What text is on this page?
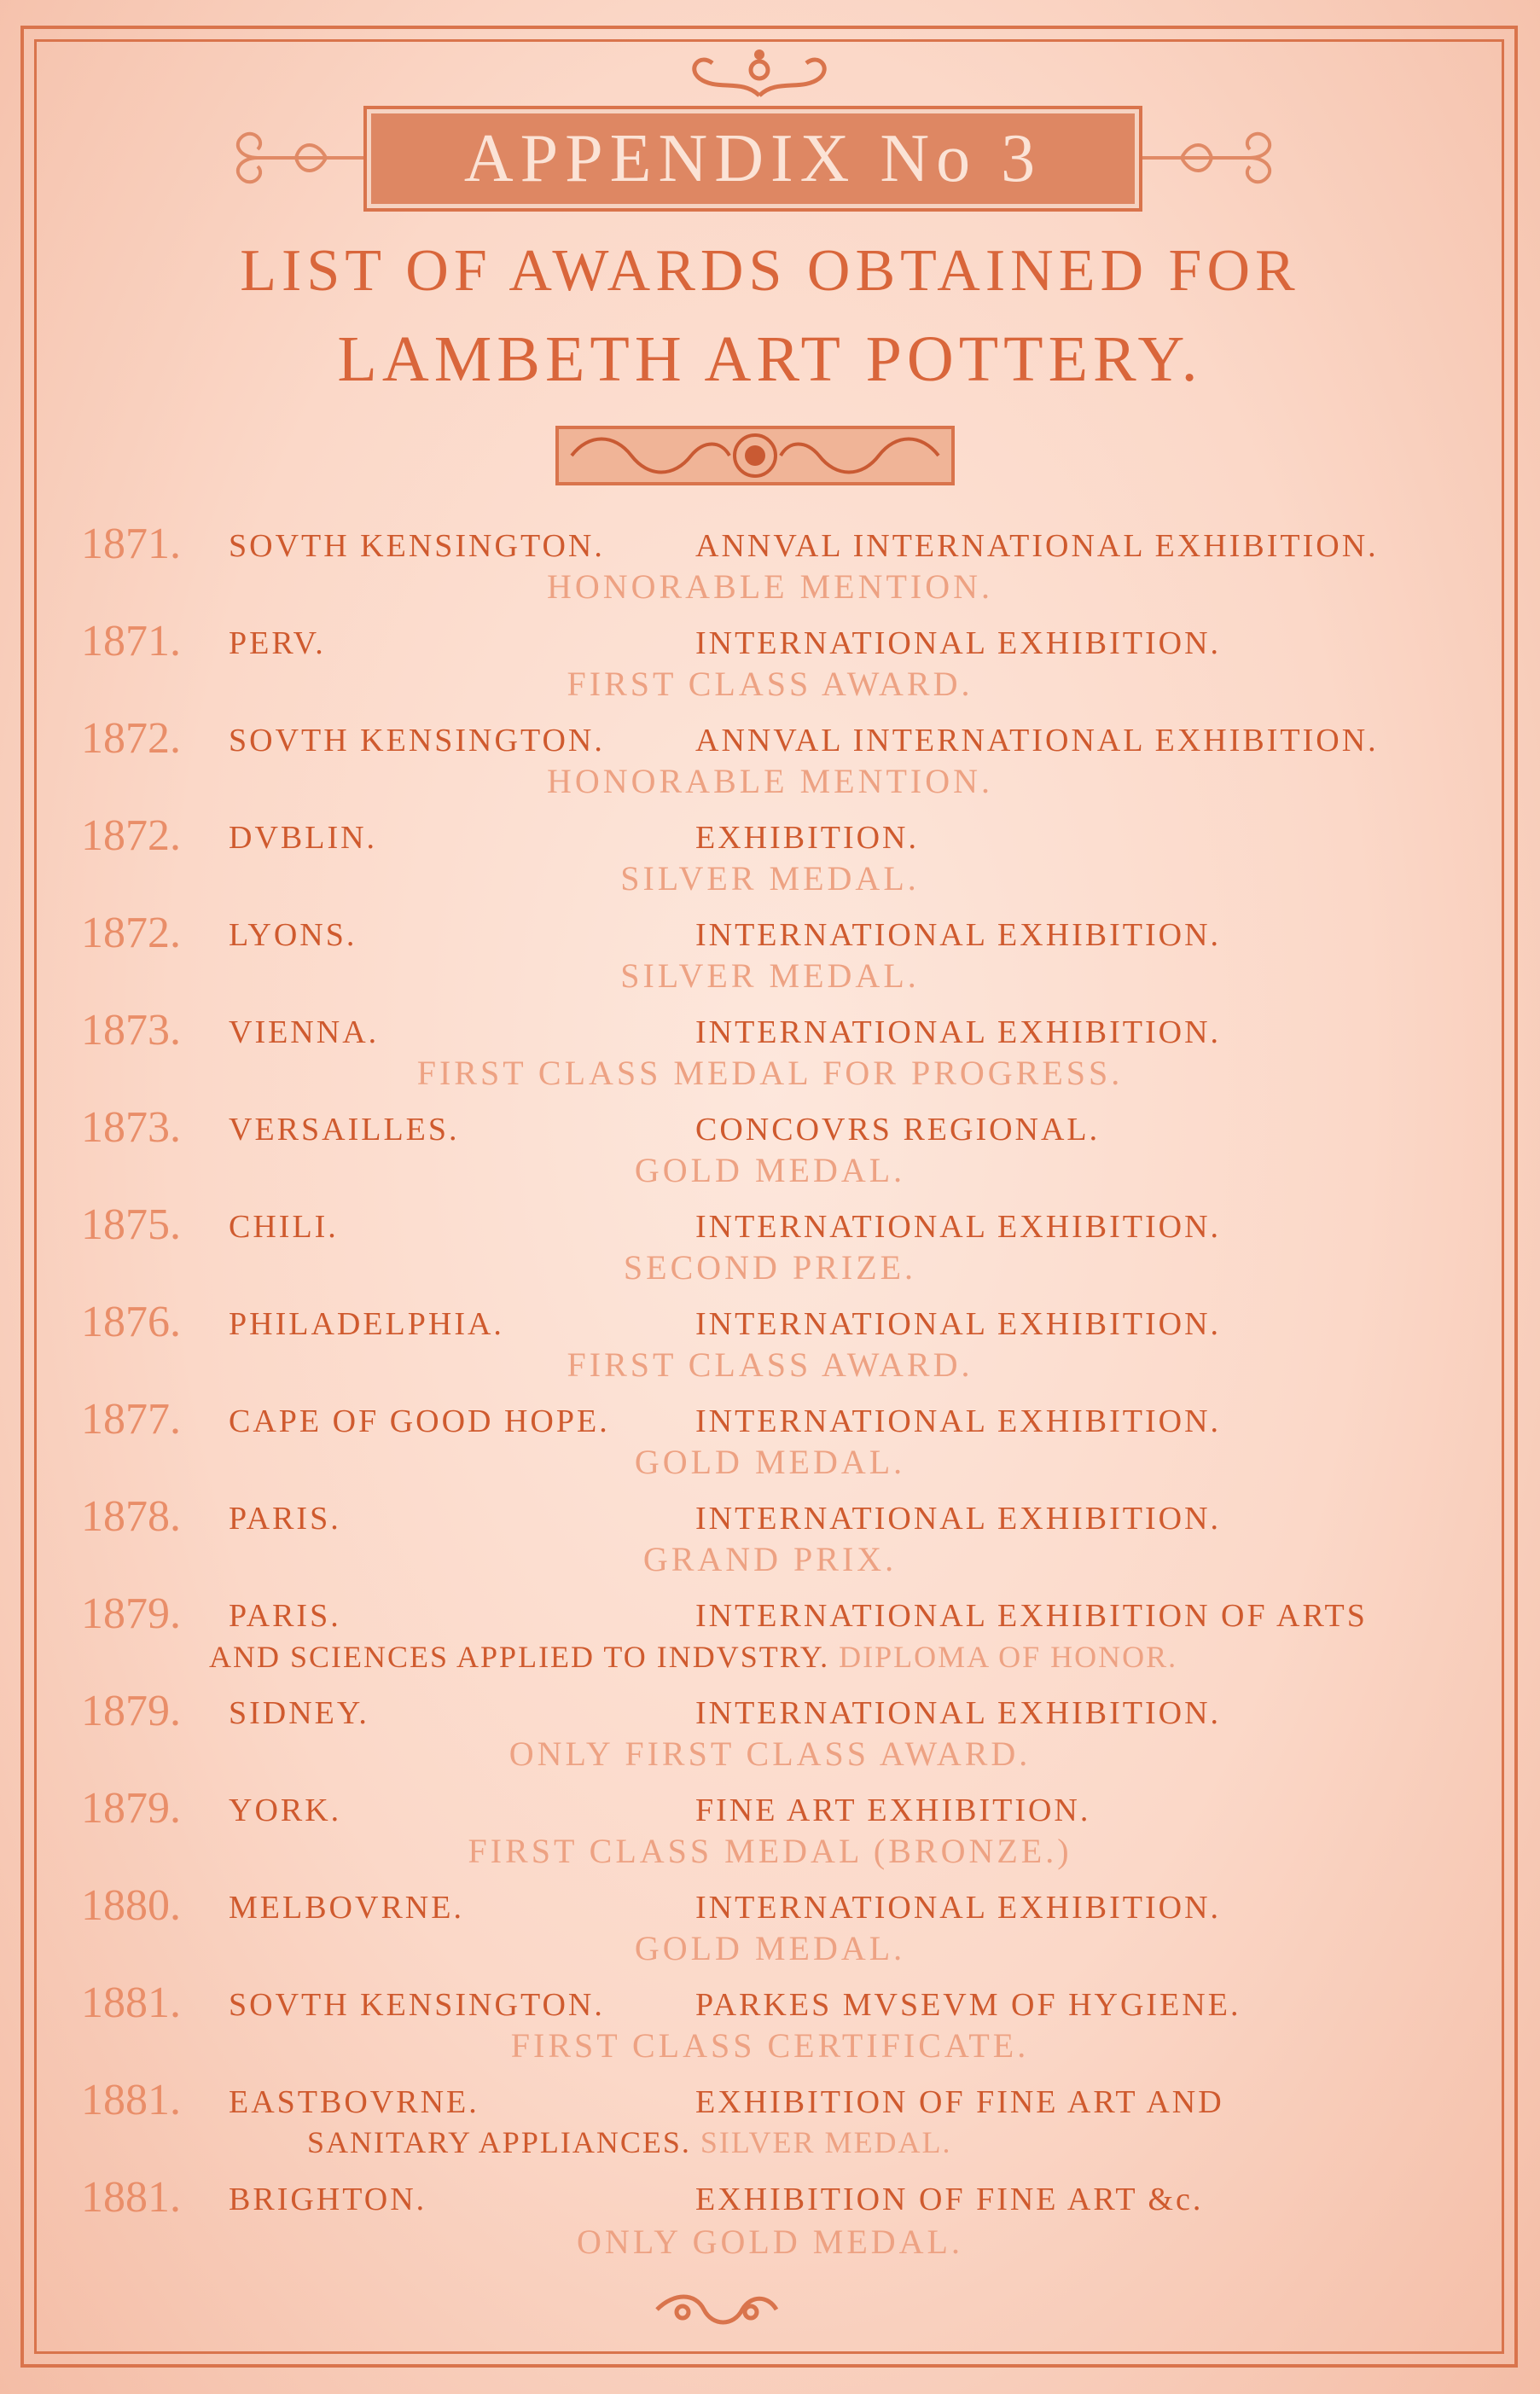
APPENDIX No 3
LIST OF AWARDS OBTAINED FOR
LAMBETH ART POTTERY.
1871. SOVTH KENSINGTON.	ANNVAL INTERNATIONAL EXHIBITION.
HONORABLE MENTION.
1871. PERV.	INTERNATIONAL EXHIBITION.
FIRST CLASS AWARD.
1872. SOVTH KENSINGTON.	ANNVAL INTERNATIONAL EXHIBITION.
HONORABLE MENTION.
1872. DVBLIN.	EXHIBITION.
SILVER MEDAL.
1872. LYONS.	INTERNATIONAL EXHIBITION.
SILVER MEDAL.
1873. VIENNA.	INTERNATIONAL EXHIBITION.
FIRST CLASS MEDAL FOR PROGRESS.
1873. VERSAILLES.	CONCOVRS REGIONAL.
GOLD MEDAL.
1875. CHILI.	INTERNATIONAL EXHIBITION.
SECOND PRIZE.
1876. PHILADELPHIA.	INTERNATIONAL EXHIBITION.
FIRST CLASS AWARD.
1877. CAPE OF GOOD HOPE.	INTERNATIONAL EXHIBITION.
GOLD MEDAL.
1878. PARIS.	INTERNATIONAL EXHIBITION.
GRAND PRIX.
1879. PARIS.	INTERNATIONAL EXHIBITION OF ARTS
AND SCIENCES APPLIED TO INDVSTRY. DIPLOMA OF HONOR.
1879. SIDNEY.	INTERNATIONAL EXHIBITION.
ONLY FIRST CLASS AWARD.
1879. YORK.	FINE ART EXHIBITION.
FIRST CLASS MEDAL (BRONZE.)
1880. MELBOVRNE.	INTERNATIONAL EXHIBITION.
GOLD MEDAL.
1881. SOVTH KENSINGTON.	PARKES MVSEVM OF HYGIENE.
FIRST CLASS CERTIFICATE.
1881. EASTBOVRNE.	EXHIBITION OF FINE ART AND
SANITARY APPLIANCES. SILVER MEDAL.
1881. BRIGHTON.	EXHIBITION OF FINE ART &c.
ONLY GOLD MEDAL.
